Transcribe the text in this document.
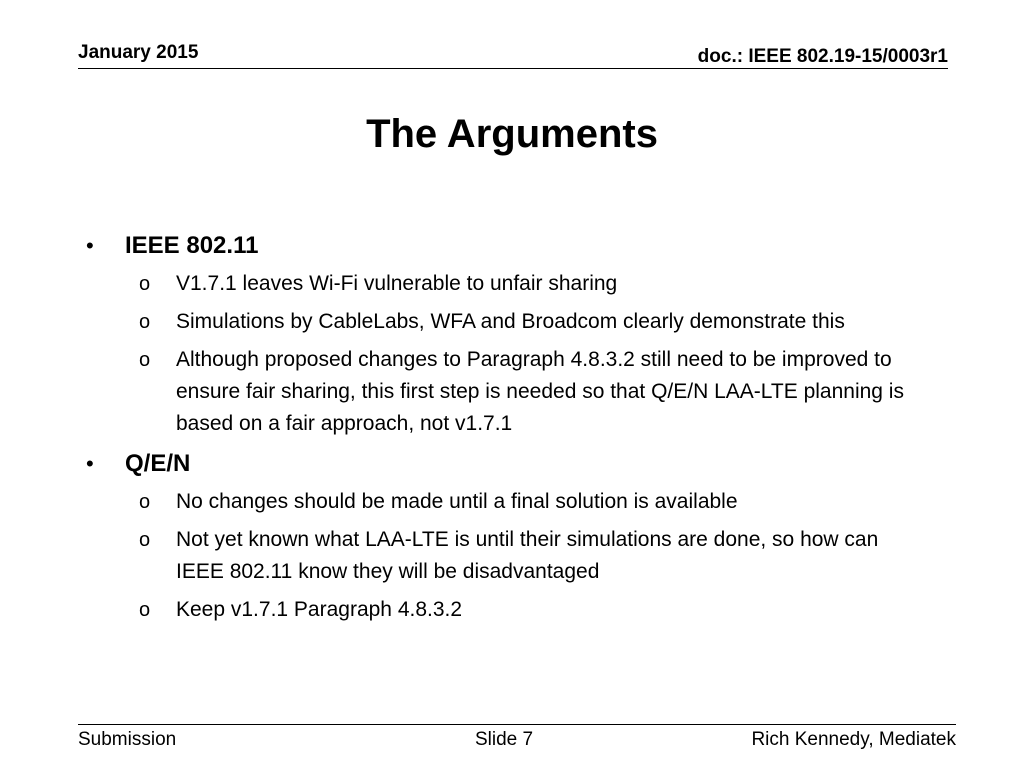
January 2015	doc.: IEEE 802.19-15/0003r1
The Arguments
• IEEE 802.11
o V1.7.1 leaves Wi-Fi vulnerable to unfair sharing
o Simulations by CableLabs, WFA and Broadcom clearly demonstrate this
o Although proposed changes to Paragraph 4.8.3.2 still need to be improved to ensure fair sharing, this first step is needed so that Q/E/N LAA-LTE planning is based on a fair approach, not v1.7.1
• Q/E/N
o No changes should be made until a final solution is available
o Not yet known what LAA-LTE is until their simulations are done, so how can IEEE 802.11 know they will be disadvantaged
o Keep v1.7.1 Paragraph 4.8.3.2
Submission	Slide 7	Rich Kennedy, Mediatek
